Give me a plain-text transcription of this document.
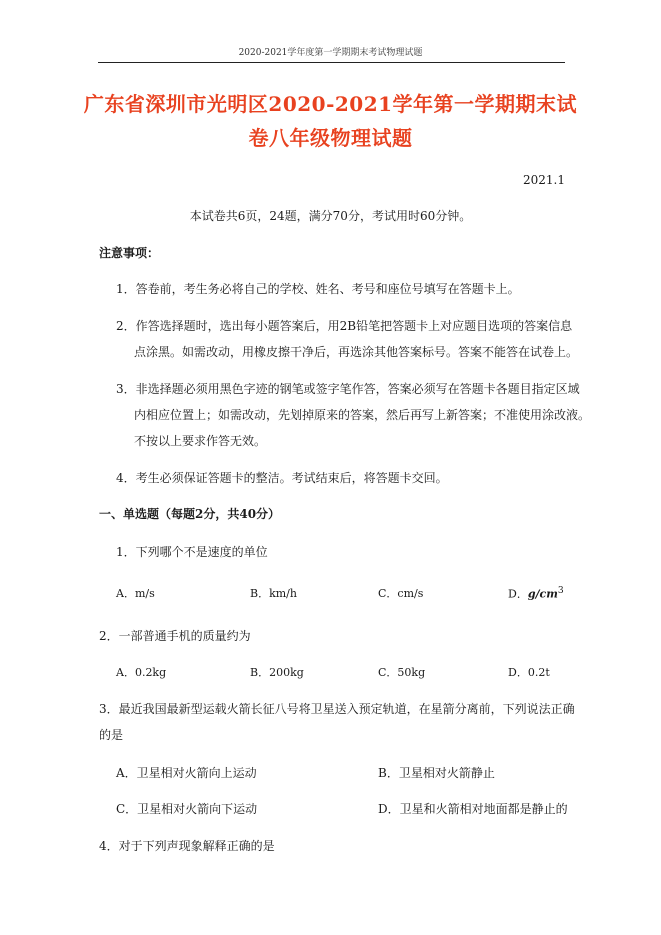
2020-2021学年度第一学期期末考试物理试题
广东省深圳市光明区2020-2021学年第一学期期末试
卷八年级物理试题
2021.1
本试卷共6页，24题，满分70分，考试用时60分钟。
注意事项：
1．答卷前，考生务必将自己的学校、姓名、考号和座位号填写在答题卡上。
2．作答选择题时，选出每小题答案后，用2B铅笔把答题卡上对应题目选项的答案信息
点涂黑。如需改动，用橡皮擦干净后，再选涂其他答案标号。答案不能答在试卷上。
3．非选择题必须用黑色字迹的钢笔或签字笔作答，答案必须写在答题卡各题目指定区域
内相应位置上；如需改动，先划掉原来的答案，然后再写上新答案；不准使用涂改液。
不按以上要求作答无效。
4．考生必须保证答题卡的整洁。考试结束后，将答题卡交回。
一、单选题（每题2分，共40分）
1．下列哪个不是速度的单位
A．m/s	B．km/h	C．cm/s	D．$g/cm^3$
2．一部普通手机的质量约为
A．0.2kg	B．200kg	C．50kg	D．0.2t
3．最近我国最新型运载火箭长征八号将卫星送入预定轨道，在星箭分离前，下列说法正确
的是
A．卫星相对火箭向上运动	B．卫星相对火箭静止
C．卫星相对火箭向下运动	D．卫星和火箭相对地面都是静止的
4．对于下列声现象解释正确的是
